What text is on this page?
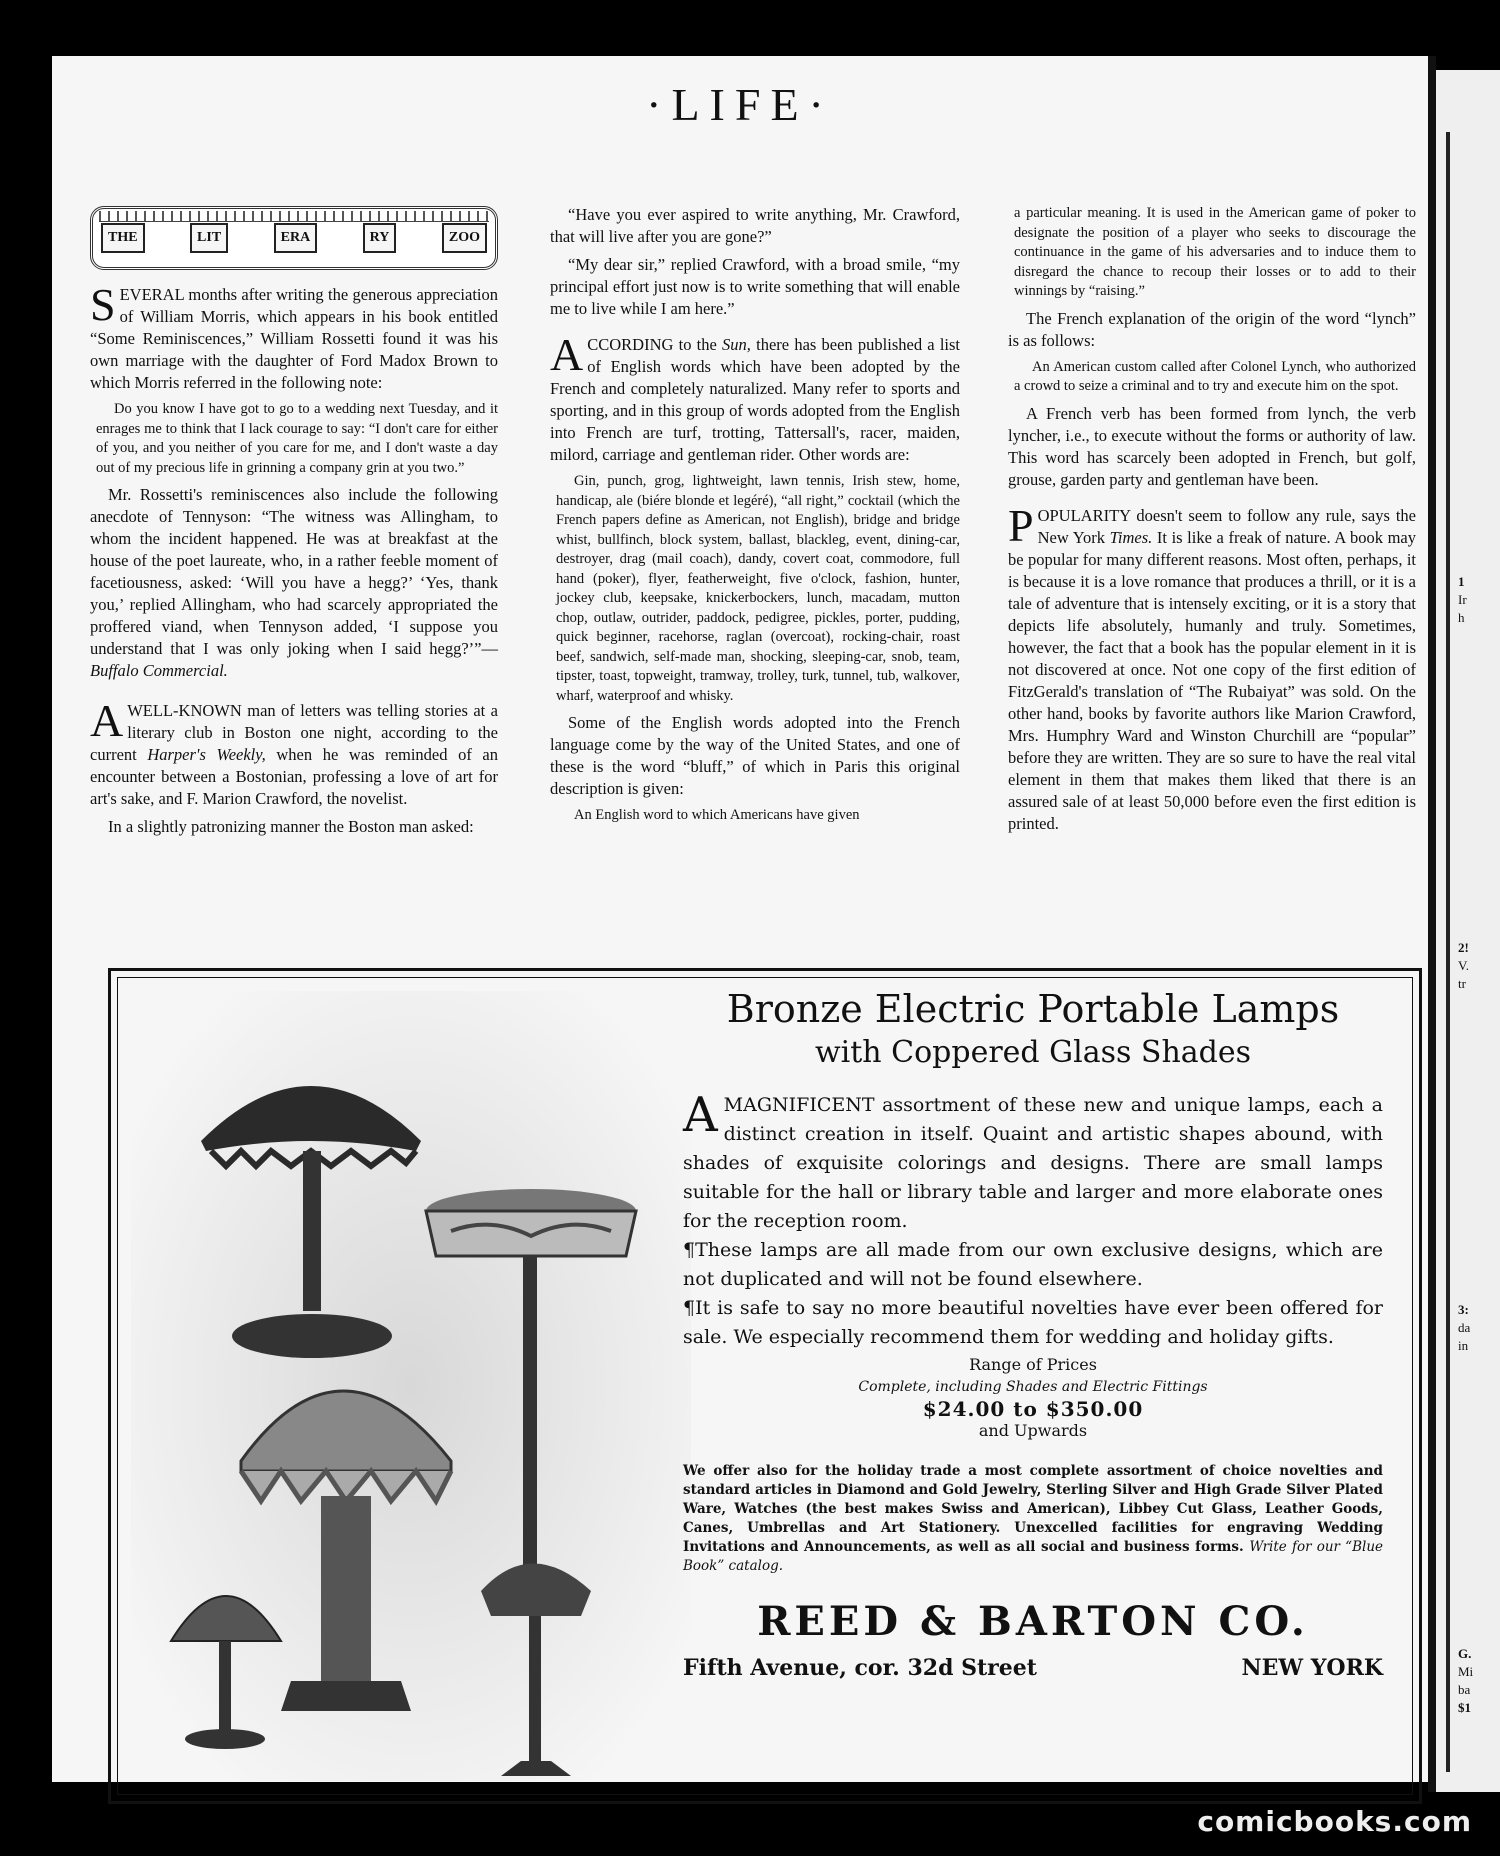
·LIFE·
THE	LIT	ERA	RY	ZOO

SEVERAL months after writing the generous appreciation of William Morris, which appears in his book entitled “Some Reminiscences,” William Rossetti found it was his own marriage with the daughter of Ford Madox Brown to which Morris referred in the following note:

Do you know I have got to go to a wedding next Tuesday, and it enrages me to think that I lack courage to say: “I don't care for either of you, and you neither of you care for me, and I don't waste a day out of my precious life in grinning a company grin at you two.”

Mr. Rossetti's reminiscences also include the following anecdote of Tennyson: “The witness was Allingham, to whom the incident happened. He was at breakfast at the house of the poet laureate, who, in a rather feeble moment of facetiousness, asked: ‘Will you have a hegg?’ ‘Yes, thank you,’ replied Allingham, who had scarcely appropriated the proffered viand, when Tennyson added, ‘I suppose you understand that I was only joking when I said hegg?’”—Buffalo Commercial.

A WELL-KNOWN man of letters was telling stories at a literary club in Boston one night, according to the current Harper's Weekly, when he was reminded of an encounter between a Bostonian, professing a love of art for art's sake, and F. Marion Crawford, the novelist.

In a slightly patronizing manner the Boston man asked:

“Have you ever aspired to write anything, Mr. Crawford, that will live after you are gone?”

“My dear sir,” replied Crawford, with a broad smile, “my principal effort just now is to write something that will enable me to live while I am here.”

ACCORDING to the Sun, there has been published a list of English words which have been adopted by the French and completely naturalized. Many refer to sports and sporting, and in this group of words adopted from the English into French are turf, trotting, Tattersall's, racer, maiden, milord, carriage and gentleman rider. Other words are:

Gin, punch, grog, lightweight, lawn tennis, Irish stew, home, handicap, ale (biére blonde et legéré), “all right,” cocktail (which the French papers define as American, not English), bridge and bridge whist, bullfinch, block system, ballast, blackleg, event, dining-car, destroyer, drag (mail coach), dandy, covert coat, commodore, full hand (poker), flyer, featherweight, five o'clock, fashion, hunter, jockey club, keepsake, knickerbockers, lunch, macadam, mutton chop, outlaw, outrider, paddock, pedigree, pickles, porter, pudding, quick beginner, racehorse, raglan (overcoat), rocking-chair, roast beef, sandwich, self-made man, shocking, sleeping-car, snob, team, tipster, toast, topweight, tramway, trolley, turk, tunnel, tub, walkover, wharf, waterproof and whisky.

Some of the English words adopted into the French language come by the way of the United States, and one of these is the word “bluff,” of which in Paris this original description is given:

An English word to which Americans have given

a particular meaning. It is used in the American game of poker to designate the position of a player who seeks to discourage the continuance in the game of his adversaries and to induce them to disregard the chance to recoup their losses or to add to their winnings by “raising.”

The French explanation of the origin of the word “lynch” is as follows:

An American custom called after Colonel Lynch, who authorized a crowd to seize a criminal and to try and execute him on the spot.

A French verb has been formed from lynch, the verb lyncher, i.e., to execute without the forms or authority of law. This word has scarcely been adopted in French, but golf, grouse, garden party and gentleman have been.

POPULARITY doesn't seem to follow any rule, says the New York Times. It is like a freak of nature. A book may be popular for many different reasons. Most often, perhaps, it is because it is a love romance that produces a thrill, or it is a tale of adventure that is intensely exciting, or it is a story that depicts life absolutely, humanly and truly. Sometimes, however, the fact that a book has the popular element in it is not discovered at once. Not one copy of the first edition of FitzGerald's translation of “The Rubaiyat” was sold. On the other hand, books by favorite authors like Marion Crawford, Mrs. Humphry Ward and Winston Churchill are “popular” before they are written. They are so sure to have the real vital element in them that makes them liked that there is an assured sale of at least 50,000 before even the first edition is printed.

Bronze Electric Portable Lamps
with Coppered Glass Shades

A MAGNIFICENT assortment of these new and unique lamps, each a distinct creation in itself. Quaint and artistic shapes abound, with shades of exquisite colorings and designs. There are small lamps suitable for the hall or library table and larger and more elaborate ones for the reception room.

¶These lamps are all made from our own exclusive designs, which are not duplicated and will not be found elsewhere.

¶It is safe to say no more beautiful novelties have ever been offered for sale. We especially recommend them for wedding and holiday gifts.

Range of Prices
Complete, including Shades and Electric Fittings
$24.00 to $350.00
and Upwards
We offer also for the holiday trade a most complete assortment of choice novelties and standard articles in Diamond and Gold Jewelry, Sterling Silver and High Grade Silver Plated Ware, Watches (the best makes Swiss and American), Libbey Cut Glass, Leather Goods, Canes, Umbrellas and Art Stationery. Unexcelled facilities for engraving Wedding Invitations and Announcements, as well as all social and business forms. Write for our “Blue Book” catalog.
REED & BARTON CO.
Fifth Avenue, cor. 32d Street	NEW YORK
1
Ir
h
2!
V.
tr
3:
da
in
G.
Mi
ba
$1
comicbooks.com
